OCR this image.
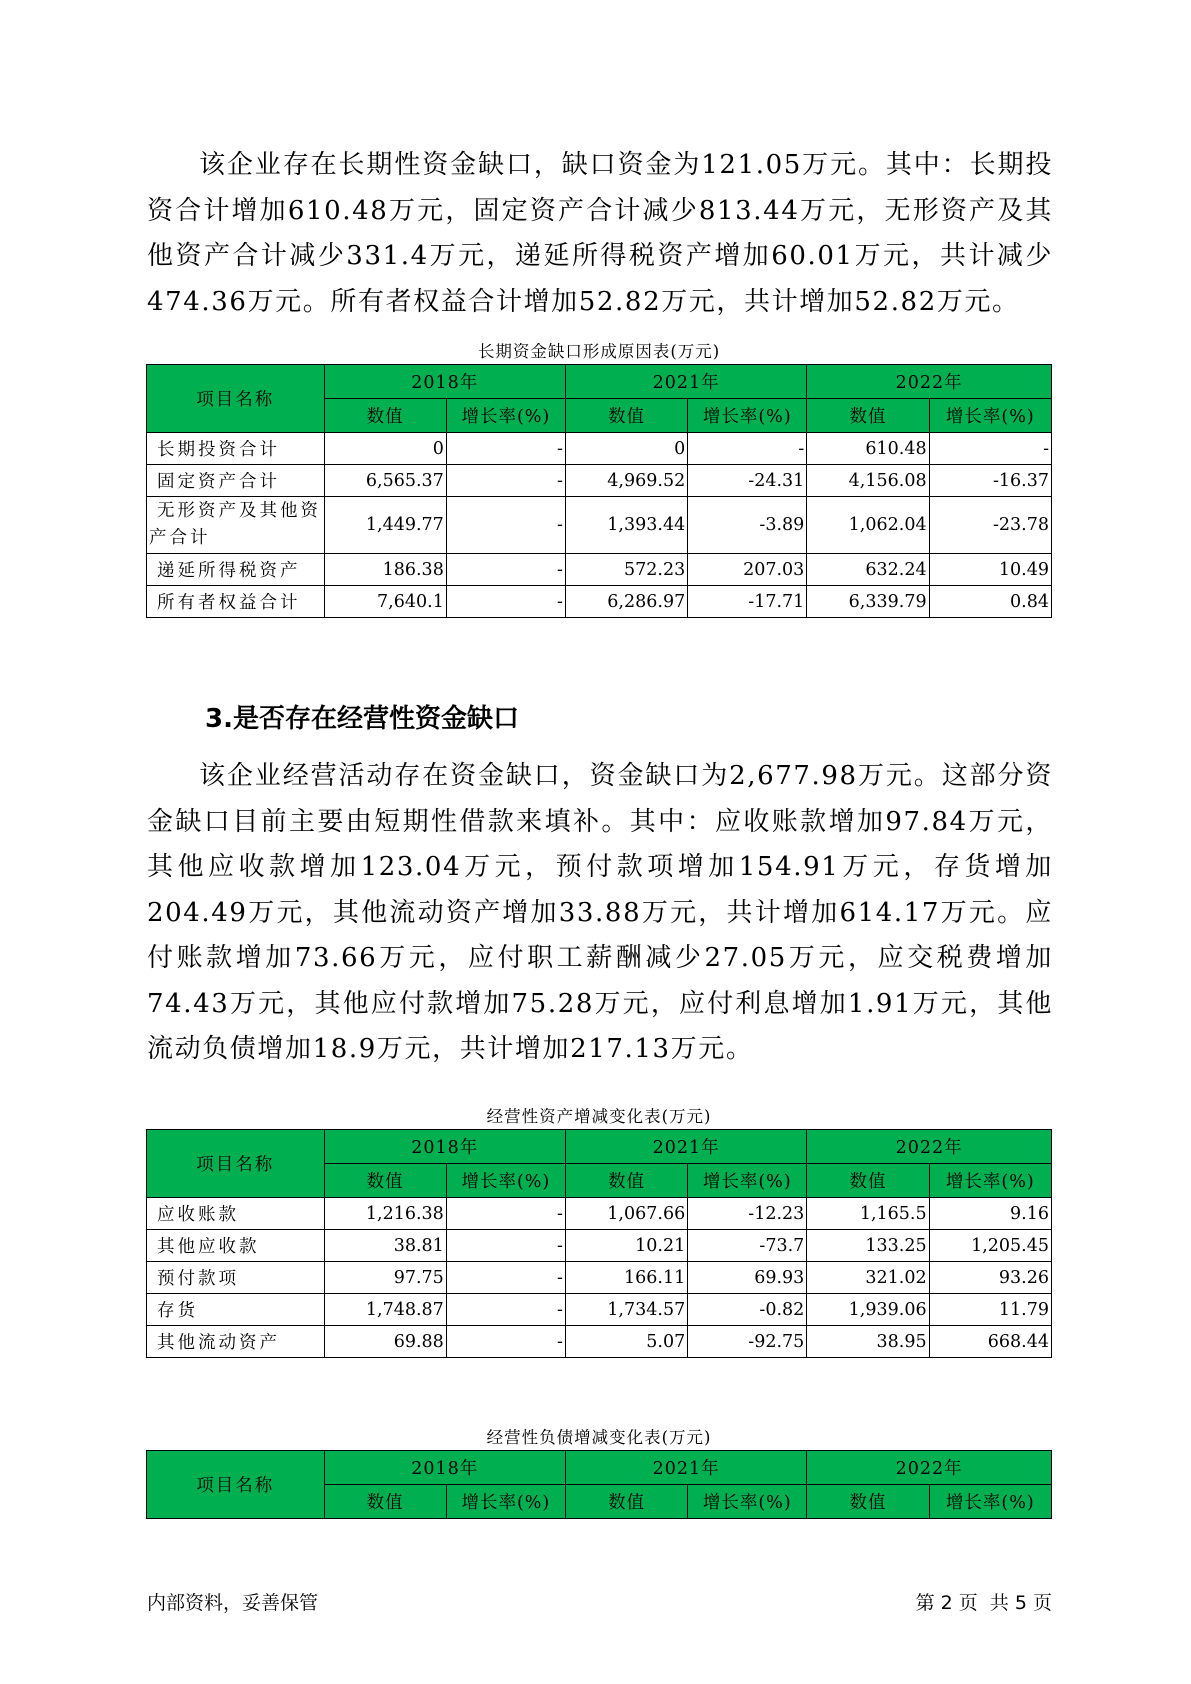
该企业存在长期性资金缺口，缺口资金为121.05万元。其中：长期投资合计增加610.48万元，固定资产合计减少813.44万元，无形资产及其他资产合计减少331.4万元，递延所得税资产增加60.01万元，共计减少474.36万元。所有者权益合计增加52.82万元，共计增加52.82万元。

长期资金缺口形成原因表(万元)

项目名称	2018年		2021年		2022年	
	数值	增长率(%)	数值	增长率(%)	数值	增长率(%)
长期投资合计	0	-	0	-	610.48	-
固定资产合计	6,565.37	-	4,969.52	-24.31	4,156.08	-16.37
无形资产及其他资产合计	1,449.77	-	1,393.44	-3.89	1,062.04	-23.78
递延所得税资产	186.38	-	572.23	207.03	632.24	10.49
所有者权益合计	7,640.1	-	6,286.97	-17.71	6,339.79	0.84
3.是否存在经营性资金缺口

该企业经营活动存在资金缺口，资金缺口为2,677.98万元。这部分资金缺口目前主要由短期性借款来填补。其中：应收账款增加97.84万元，其他应收款增加123.04万元，预付款项增加154.91万元，存货增加204.49万元，其他流动资产增加33.88万元，共计增加614.17万元。应付账款增加73.66万元，应付职工薪酬减少27.05万元，应交税费增加74.43万元，其他应付款增加75.28万元，应付利息增加1.91万元，其他流动负债增加18.9万元，共计增加217.13万元。

经营性资产增减变化表(万元)

项目名称	2018年		2021年		2022年	
	数值	增长率(%)	数值	增长率(%)	数值	增长率(%)
应收账款	1,216.38	-	1,067.66	-12.23	1,165.5	9.16
其他应收款	38.81	-	10.21	-73.7	133.25	1,205.45
预付款项	97.75	-	166.11	69.93	321.02	93.26
存货	1,748.87	-	1,734.57	-0.82	1,939.06	11.79
其他流动资产	69.88	-	5.07	-92.75	38.95	668.44

经营性负债增减变化表(万元)

项目名称	2018年		2021年		2022年	
	数值	增长率(%)	数值	增长率(%)	数值	增长率(%)
内部资料，妥善保管	第 2 页  共 5 页
